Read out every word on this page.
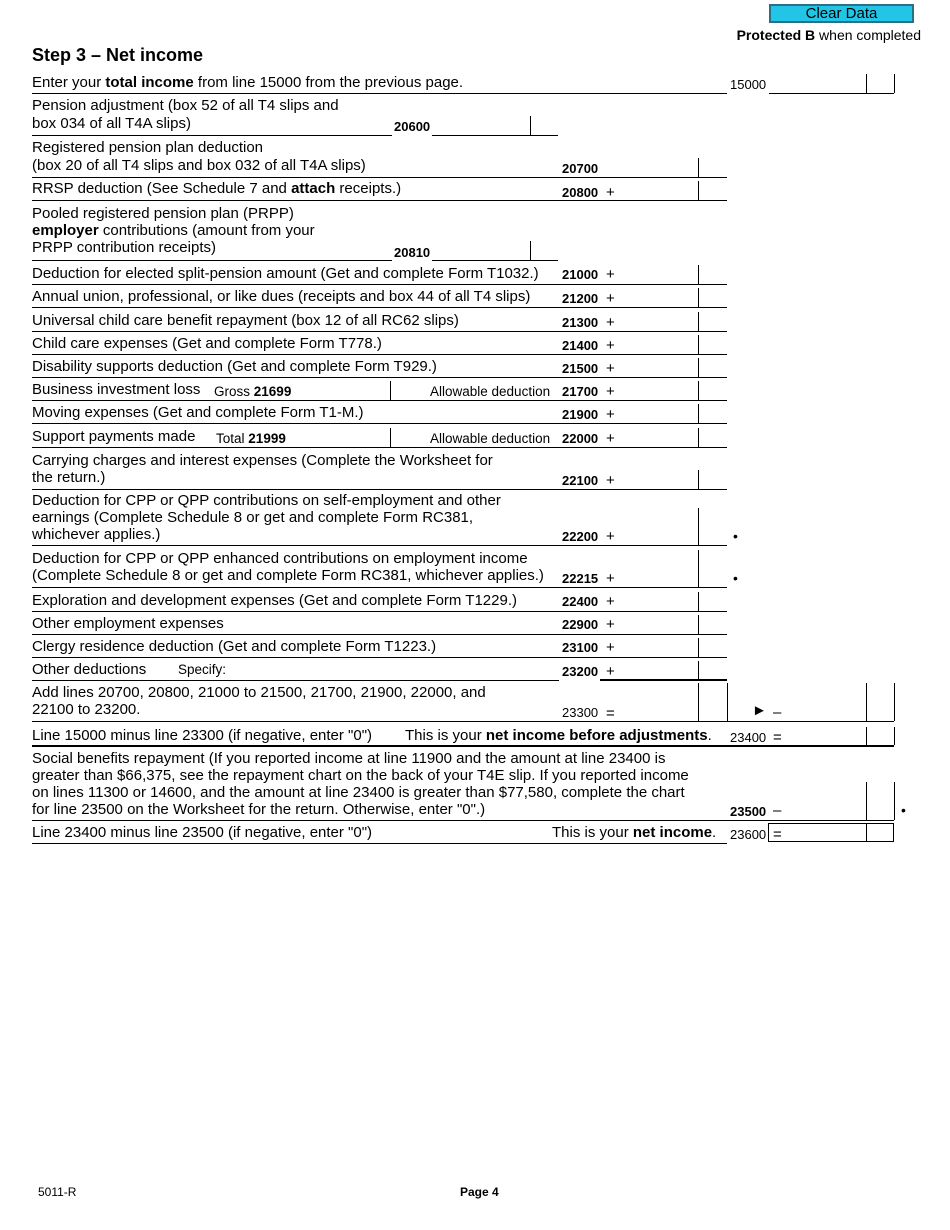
Clear Data
Protected B when completed
Step 3 – Net income
Enter your total income from line 15000 from the previous page.	15000
Pension adjustment (box 52 of all T4 slips and
box 034 of all T4A slips)	20600
Registered pension plan deduction
(box 20 of all T4 slips and box 032 of all T4A slips)	20700
RRSP deduction (See Schedule 7 and attach receipts.)	20800 +
Pooled registered pension plan (PRPP)
employer contributions (amount from your
PRPP contribution receipts)	20810
Deduction for elected split-pension amount (Get and complete Form T1032.) 21000 +
Annual union, professional, or like dues (receipts and box 44 of all T4 slips) 21200 +
Universal child care benefit repayment (box 12 of all RC62 slips)	21300 +
Child care expenses (Get and complete Form T778.)	21400 +
Disability supports deduction (Get and complete Form T929.)	21500 +
Business investment loss Gross 21699	Allowable deduction 21700 +
Moving expenses (Get and complete Form T1-M.)	21900 +
Support payments made Total 21999	Allowable deduction 22000 +
Carrying charges and interest expenses (Complete the Worksheet for
the return.)	22100 +
Deduction for CPP or QPP contributions on self-employment and other
earnings (Complete Schedule 8 or get and complete Form RC381,
whichever applies.)	22200 +	•
Deduction for CPP or QPP enhanced contributions on employment income
(Complete Schedule 8 or get and complete Form RC381, whichever applies.) 22215 +	•
Exploration and development expenses (Get and complete Form T1229.)	22400 +
Other employment expenses	22900 +
Clergy residence deduction (Get and complete Form T1223.)	23100 +
Other deductions Specify:	23200 +
Add lines 20700, 20800, 21000 to 21500, 21700, 21900, 22000, and
22100 to 23200.	23300 =	► –
Line 15000 minus line 23300 (if negative, enter "0") This is your net income before adjustments. 23400 =
Social benefits repayment (If you reported income at line 11900 and the amount at line 23400 is
greater than $66,375, see the repayment chart on the back of your T4E slip. If you reported income
on lines 11300 or 14600, and the amount at line 23400 is greater than $77,580, complete the chart
for line 23500 on the Worksheet for the return. Otherwise, enter "0".)	23500 –	•
Line 23400 minus line 23500 (if negative, enter "0")	This is your net income. 23600 =
5011-R	Page 4
